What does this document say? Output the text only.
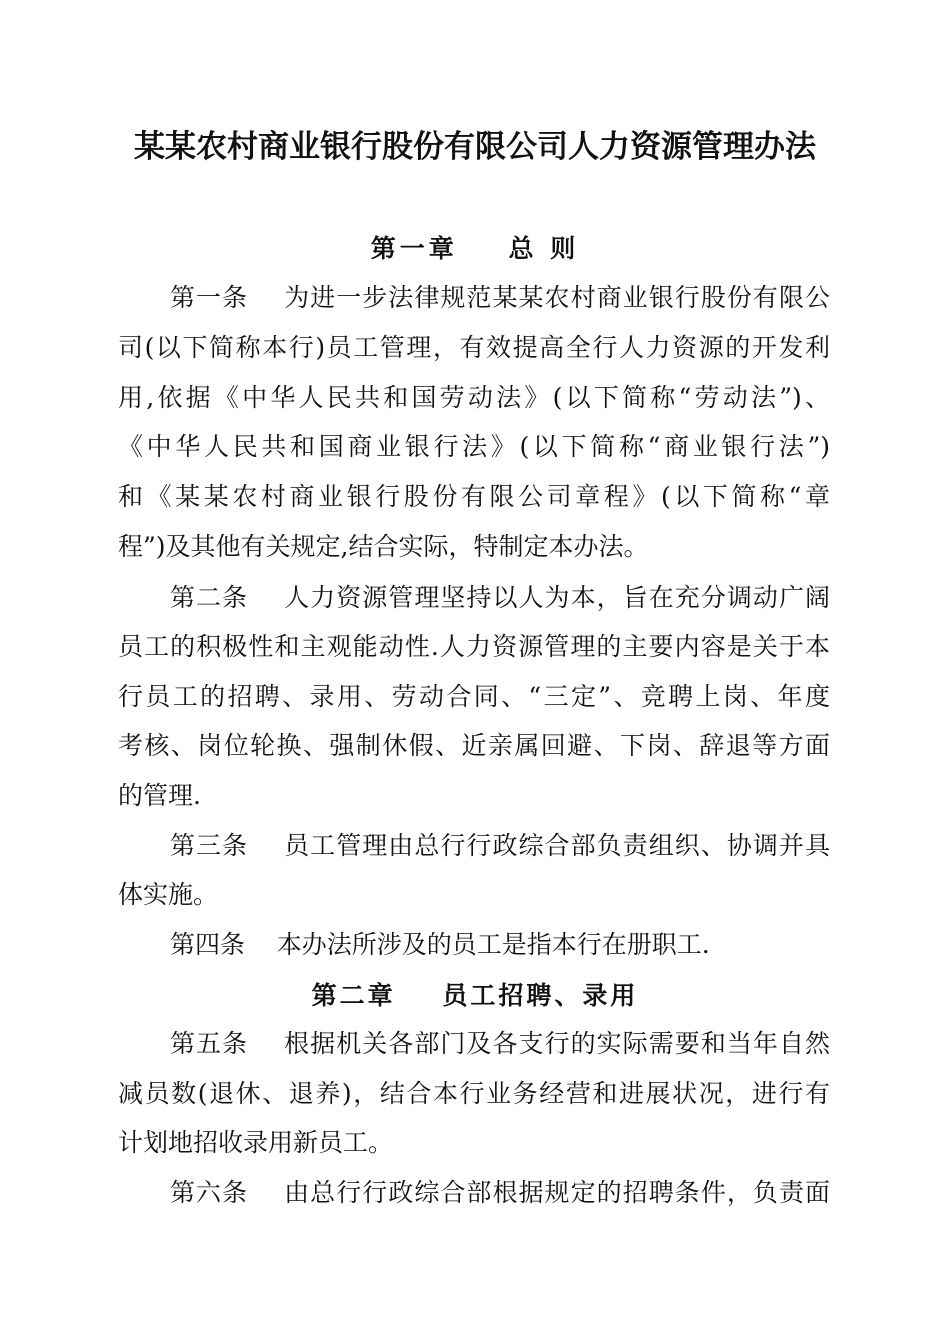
某某农村商业银行股份有限公司人力资源管理办法
第一章    总 则

第一条    为进一步法律规范某某农村商业银行股份有限公

司(以下简称本行)员工管理，有效提高全行人力资源的开发利

用,依据《中华人民共和国劳动法》(以下简称“劳动法”)、

《中华人民共和国商业银行法》(以下简称“商业银行法”)

和《某某农村商业银行股份有限公司章程》(以下简称“章

程”)及其他有关规定,结合实际，特制定本办法。

第二条    人力资源管理坚持以人为本，旨在充分调动广阔

员工的积极性和主观能动性.人力资源管理的主要内容是关于本

行员工的招聘、录用、劳动合同、“三定”、竞聘上岗、年度

考核、岗位轮换、强制休假、近亲属回避、下岗、辞退等方面

的管理.

第三条    员工管理由总行行政综合部负责组织、协调并具

体实施。

第四条    本办法所涉及的员工是指本行在册职工.

第二章    员工招聘、录用

第五条    根据机关各部门及各支行的实际需要和当年自然

减员数(退休、退养)，结合本行业务经营和进展状况，进行有

计划地招收录用新员工。

第六条    由总行行政综合部根据规定的招聘条件，负责面
